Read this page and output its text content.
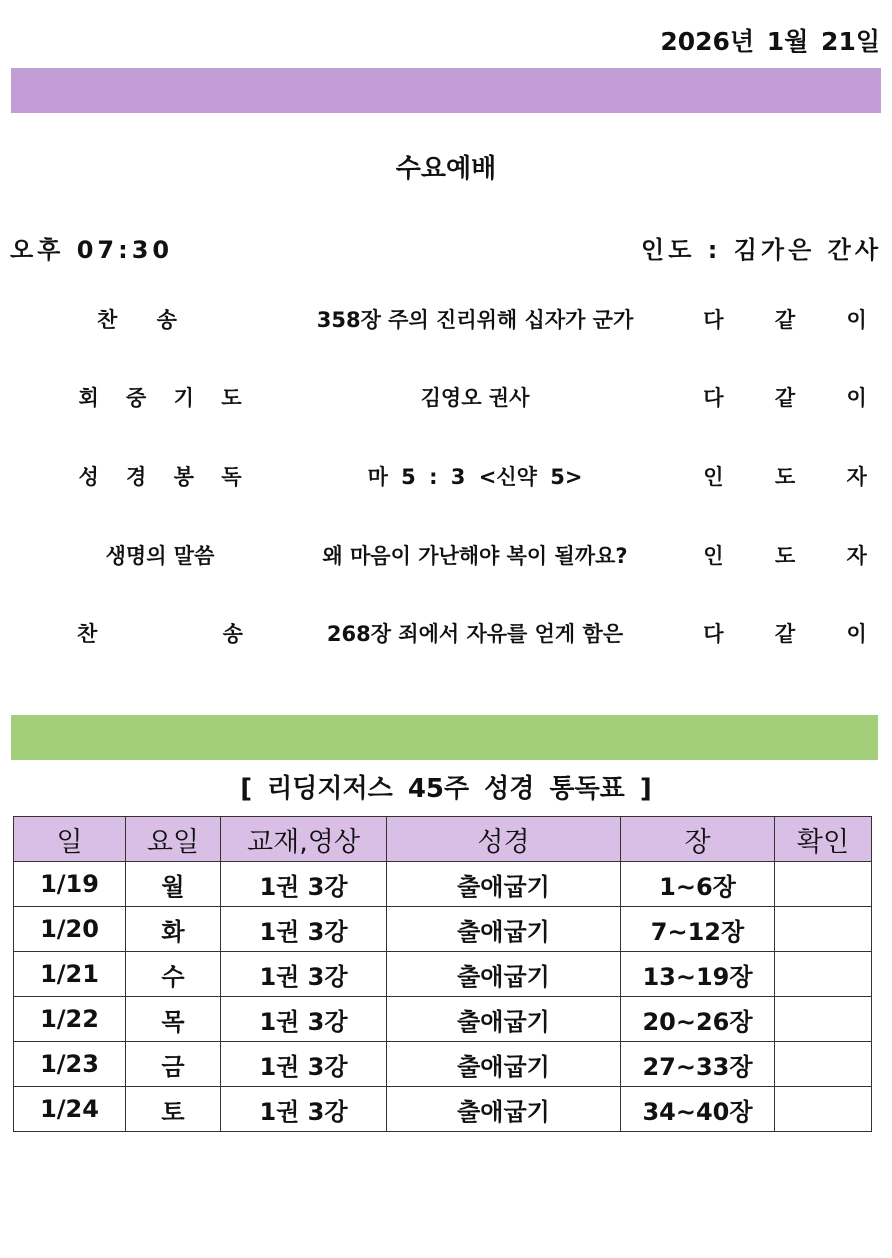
2026년 1월 21일
수요예배
오후 07:30	인도 : 김가은 간사
찬 송	358장 주의 진리위해 십자가 군가	다 같 이
회 중 기 도	김영오 권사	다 같 이
성 경 봉 독	마 5 : 3 <신약 5>	인 도 자
생명의 말씀	왜 마음이 가난해야 복이 될까요?	인 도 자
찬 송	268장 죄에서 자유를 얻게 함은	다 같 이
[ 리딩지저스 45주 성경 통독표 ]
일	요일	교재,영상	성경	장	확인
1/19	월	1권 3강	출애굽기	1~6장	
1/20	화	1권 3강	출애굽기	7~12장	
1/21	수	1권 3강	출애굽기	13~19장	
1/22	목	1권 3강	출애굽기	20~26장	
1/23	금	1권 3강	출애굽기	27~33장	
1/24	토	1권 3강	출애굽기	34~40장	
